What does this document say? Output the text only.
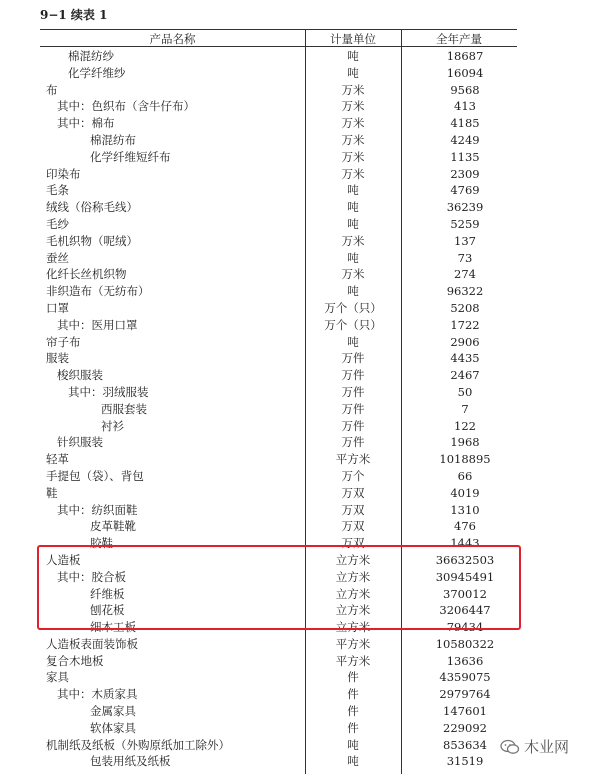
9−1 续表 1
产品名称	计量单位	全年产量
棉混纺纱	吨	18687
化学纤维纱	吨	16094
布	万米	9568
其中：色织布（含牛仔布）	万米	413
其中：棉布	万米	4185
棉混纺布	万米	4249
化学纤维短纤布	万米	1135
印染布	万米	2309
毛条	吨	4769
绒线（俗称毛线）	吨	36239
毛纱	吨	5259
毛机织物（呢绒）	万米	137
蚕丝	吨	73
化纤长丝机织物	万米	274
非织造布（无纺布）	吨	96322
口罩	万个（只）	5208
其中：医用口罩	万个（只）	1722
帘子布	吨	2906
服装	万件	4435
梭织服装	万件	2467
其中：羽绒服装	万件	50
西服套装	万件	7
衬衫	万件	122
针织服装	万件	1968
轻革	平方米	1018895
手提包（袋）、背包	万个	66
鞋	万双	4019
其中：纺织面鞋	万双	1310
皮革鞋靴	万双	476
胶鞋	万双	1443
人造板	立方米	36632503
其中：胶合板	立方米	30945491
纤维板	立方米	370012
刨花板	立方米	3206447
细木工板	立方米	79434
人造板表面装饰板	平方米	10580322
复合木地板	平方米	13636
家具	件	4359075
其中：木质家具	件	2979764
金属家具	件	147601
软体家具	件	229092
机制纸及纸板（外购原纸加工除外）	吨	853634
包装用纸及纸板	吨	31519
木业网
